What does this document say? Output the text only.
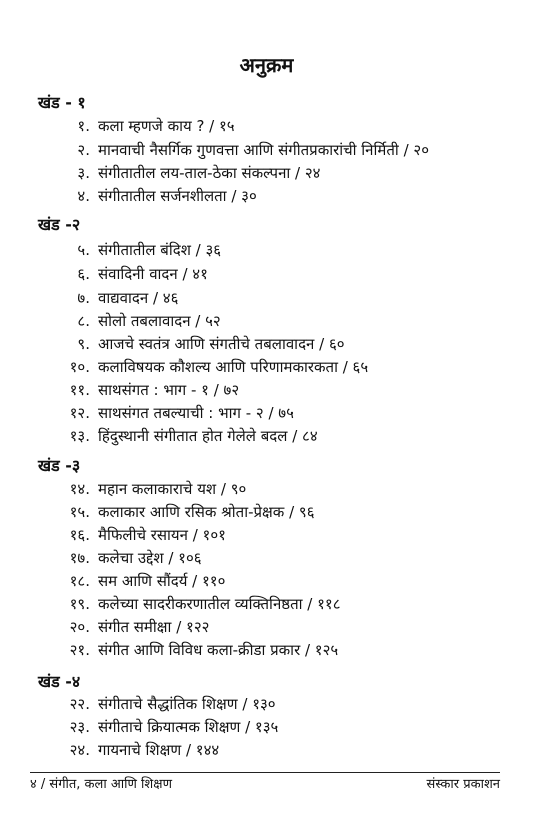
अनुक्रम
खंड - १
१. कला म्हणजे काय ? / १५
२. मानवाची नैसर्गिक गुणवत्ता आणि संगीतप्रकारांची निर्मिती / २०
३. संगीतातील लय-ताल-ठेका संकल्पना / २४
४. संगीतातील सर्जनशीलता / ३०
खंड -२
५. संगीतातील बंदिश / ३६
६. संवादिनी वादन / ४१
७. वाद्यवादन / ४६
८. सोलो तबलावादन / ५२
९. आजचे स्वतंत्र आणि संगतीचे तबलावादन / ६०
१०. कलाविषयक कौशल्य आणि परिणामकारकता / ६५
११. साथसंगत : भाग - १ / ७२
१२. साथसंगत तबल्याची : भाग - २ / ७५
१३. हिंदुस्थानी संगीतात होत गेलेले बदल / ८४
खंड -३
१४. महान कलाकाराचे यश / ९०
१५. कलाकार आणि रसिक श्रोता-प्रेक्षक / ९६
१६. मैफिलीचे रसायन / १०१
१७. कलेचा उद्देश / १०६
१८. सम आणि सौंदर्य / ११०
१९. कलेच्या सादरीकरणातील व्यक्तिनिष्ठता / ११८
२०. संगीत समीक्षा / १२२
२१. संगीत आणि विविध कला-क्रीडा प्रकार / १२५
खंड -४
२२. संगीताचे सैद्धांतिक शिक्षण / १३०
२३. संगीताचे क्रियात्मक शिक्षण / १३५
२४. गायनाचे शिक्षण / १४४
४ / संगीत, कला आणि शिक्षण	संस्कार प्रकाशन
